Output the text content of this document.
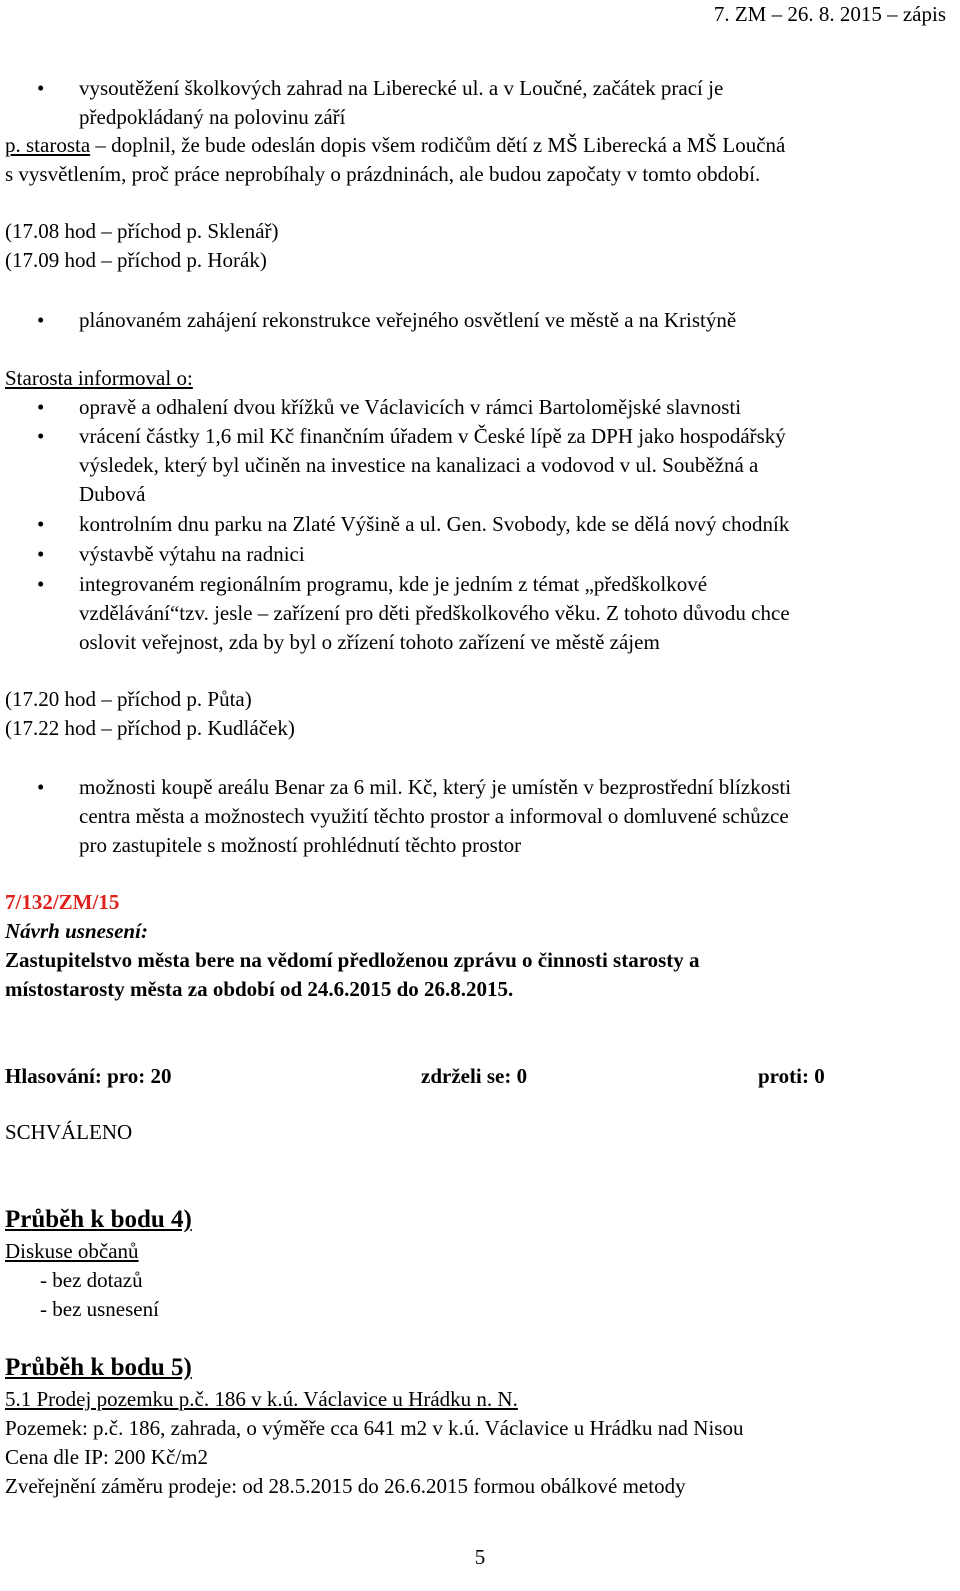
7. ZM – 26. 8. 2015 – zápis
• vysoutěžení školkových zahrad na Liberecké ul. a v Loučné, začátek prací je
předpokládaný na polovinu září
p. starosta – doplnil, že bude odeslán dopis všem rodičům dětí z MŠ Liberecká a MŠ Loučná
s vysvětlením, proč práce neprobíhaly o prázdninách, ale budou započaty v tomto období.
(17.08 hod – příchod p. Sklenář)
(17.09 hod – příchod p. Horák)
• plánovaném zahájení rekonstrukce veřejného osvětlení ve městě a na Kristýně
Starosta informoval o:
• opravě a odhalení dvou křížků ve Václavicích v rámci Bartolomějské slavnosti
• vrácení částky 1,6 mil Kč finančním úřadem v České lípě za DPH jako hospodářský
výsledek, který byl učiněn na investice na kanalizaci a vodovod v ul. Souběžná a
Dubová
• kontrolním dnu parku na Zlaté Výšině a ul. Gen. Svobody, kde se dělá nový chodník
• výstavbě výtahu na radnici
• integrovaném regionálním programu, kde je jedním z témat „předškolkové
vzdělávání“tzv. jesle – zařízení pro děti předškolkového věku. Z tohoto důvodu chce
oslovit veřejnost, zda by byl o zřízení tohoto zařízení ve městě zájem
(17.20 hod – příchod p. Půta)
(17.22 hod – příchod p. Kudláček)
• možnosti koupě areálu Benar za 6 mil. Kč, který je umístěn v bezprostřední blízkosti
centra města a možnostech využití těchto prostor a informoval o domluvené schůzce
pro zastupitele s možností prohlédnutí těchto prostor
7/132/ZM/15
Návrh usnesení:
Zastupitelstvo města bere na vědomí předloženou zprávu o činnosti starosty a
místostarosty města za období od 24.6.2015 do 26.8.2015.
Hlasování: pro: 20	zdrželi se: 0	proti: 0
SCHVÁLENO
Průběh k bodu 4)
Diskuse občanů
- bez dotazů
- bez usnesení
Průběh k bodu 5)
5.1 Prodej pozemku p.č. 186 v k.ú. Václavice u Hrádku n. N.
Pozemek: p.č. 186, zahrada, o výměře cca 641 m2 v k.ú. Václavice u Hrádku nad Nisou
Cena dle IP: 200 Kč/m2
Zveřejnění záměru prodeje: od 28.5.2015 do 26.6.2015 formou obálkové metody
5
